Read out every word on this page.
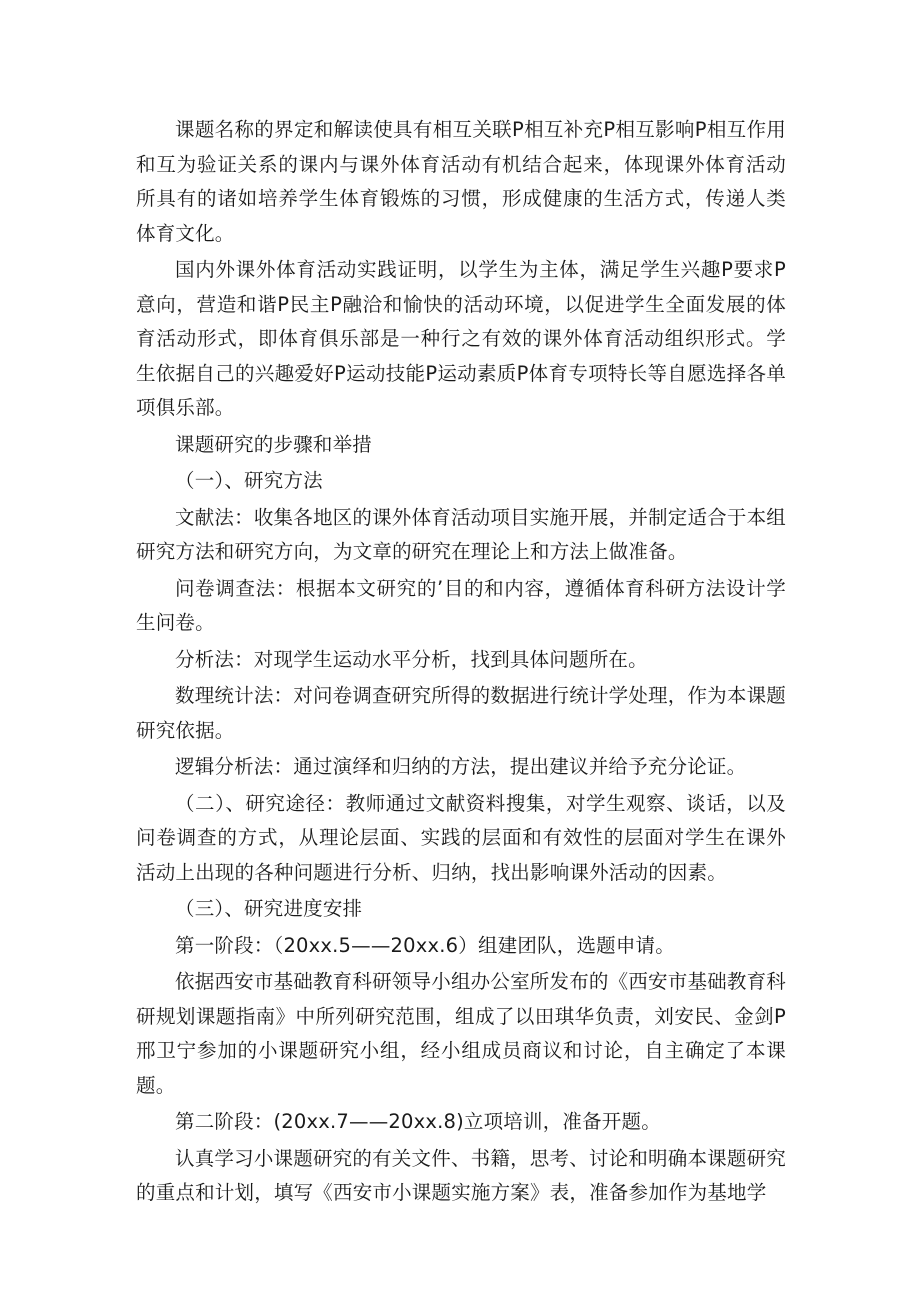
课题名称的界定和解读使具有相互关联P相互补充P相互影响P相互作用和互为验证关系的课内与课外体育活动有机结合起来，体现课外体育活动所具有的诸如培养学生体育锻炼的习惯，形成健康的生活方式，传递人类体育文化。

国内外课外体育活动实践证明，以学生为主体，满足学生兴趣P要求P意向，营造和谐P民主P融洽和愉快的活动环境，以促进学生全面发展的体育活动形式，即体育俱乐部是一种行之有效的课外体育活动组织形式。学生依据自己的兴趣爱好P运动技能P运动素质P体育专项特长等自愿选择各单项俱乐部。

课题研究的步骤和举措

（一）、研究方法

文献法：收集各地区的课外体育活动项目实施开展，并制定适合于本组研究方法和研究方向，为文章的研究在理论上和方法上做准备。

问卷调查法：根据本文研究的’目的和内容，遵循体育科研方法设计学生问卷。

分析法：对现学生运动水平分析，找到具体问题所在。

数理统计法：对问卷调查研究所得的数据进行统计学处理，作为本课题研究依据。

逻辑分析法：通过演绎和归纳的方法，提出建议并给予充分论证。

（二）、研究途径：教师通过文献资料搜集，对学生观察、谈话，以及问卷调查的方式，从理论层面、实践的层面和有效性的层面对学生在课外活动上出现的各种问题进行分析、归纳，找出影响课外活动的因素。

（三）、研究进度安排

第一阶段：（20xx.5——20xx.6）组建团队，选题申请。

依据西安市基础教育科研领导小组办公室所发布的《西安市基础教育科研规划课题指南》中所列研究范围，组成了以田琪华负责，刘安民、金剑P邢卫宁参加的小课题研究小组，经小组成员商议和讨论，自主确定了本课题。

第二阶段：(20xx.7——20xx.8)立项培训，准备开题。

认真学习小课题研究的有关文件、书籍，思考、讨论和明确本课题研究的重点和计划，填写《西安市小课题实施方案》表，准备参加作为基地学
